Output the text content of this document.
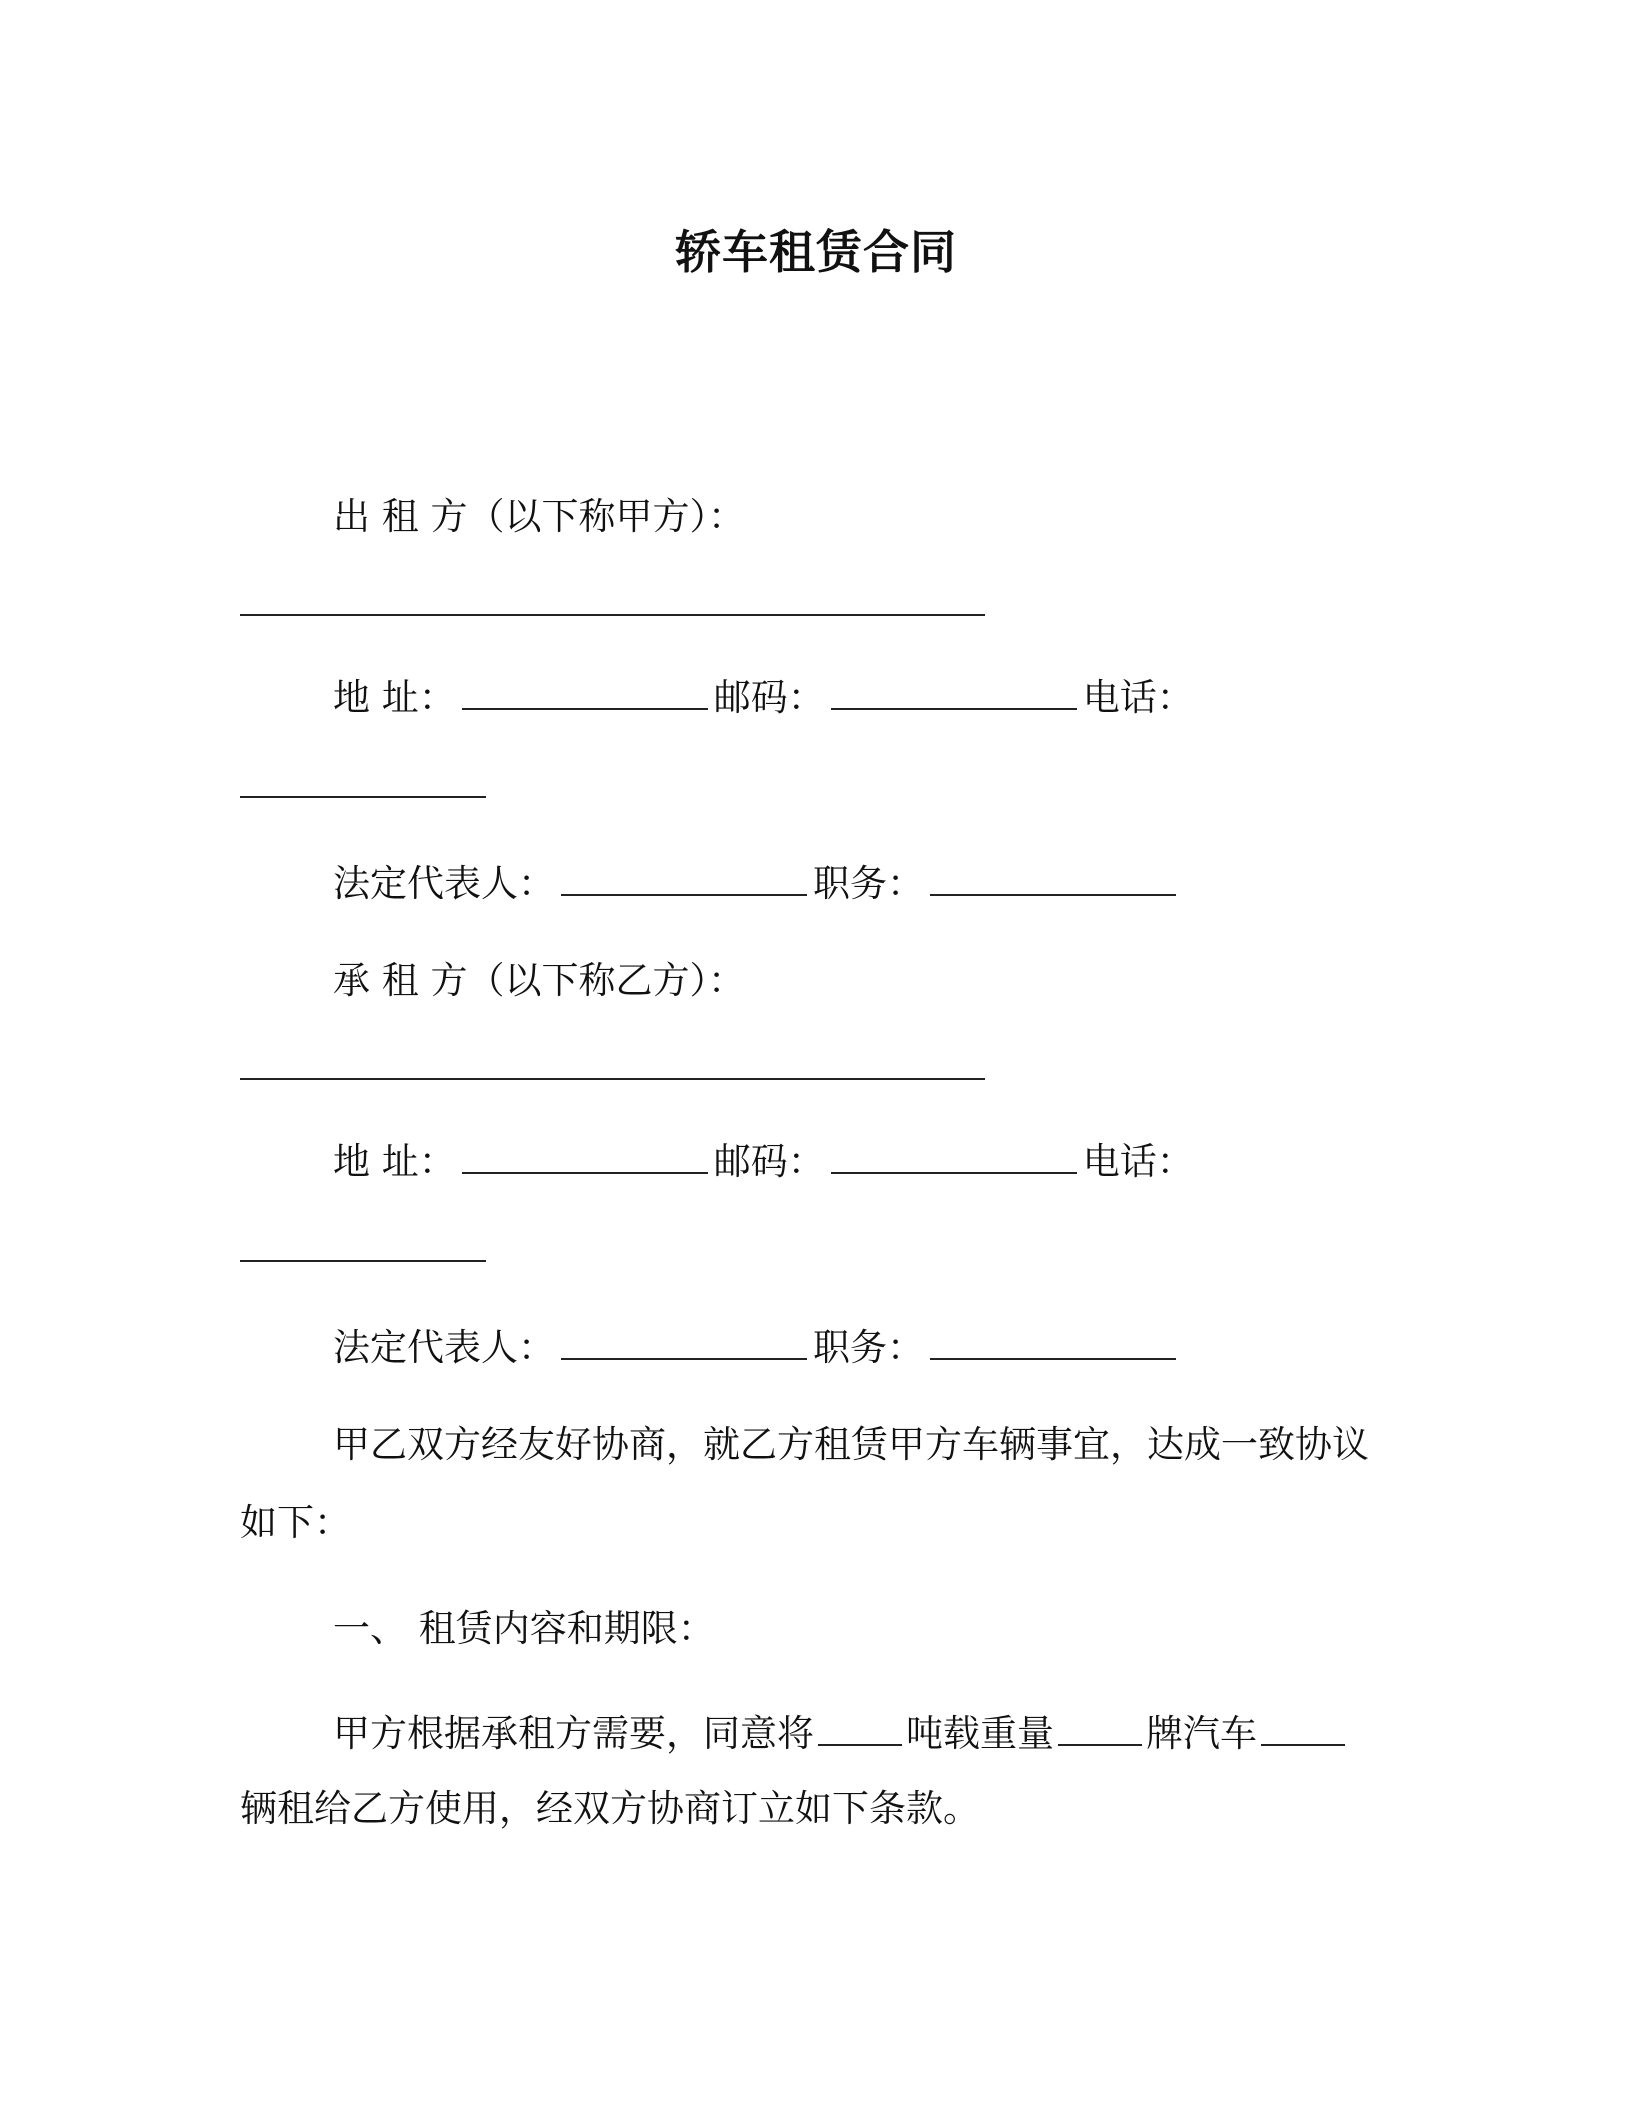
轿车租赁合同
出 租 方（以下称甲方）：
地 址：	邮码：	电话：
法定代表人：	职务：
承 租 方（以下称乙方）：
地 址：	邮码：	电话：
法定代表人：	职务：
甲乙双方经友好协商，就乙方租赁甲方车辆事宜，达成一致协议
如下：
一、 租赁内容和期限：
甲方根据承租方需要，同意将 吨载重量 牌汽车
辆租给乙方使用，经双方协商订立如下条款。
